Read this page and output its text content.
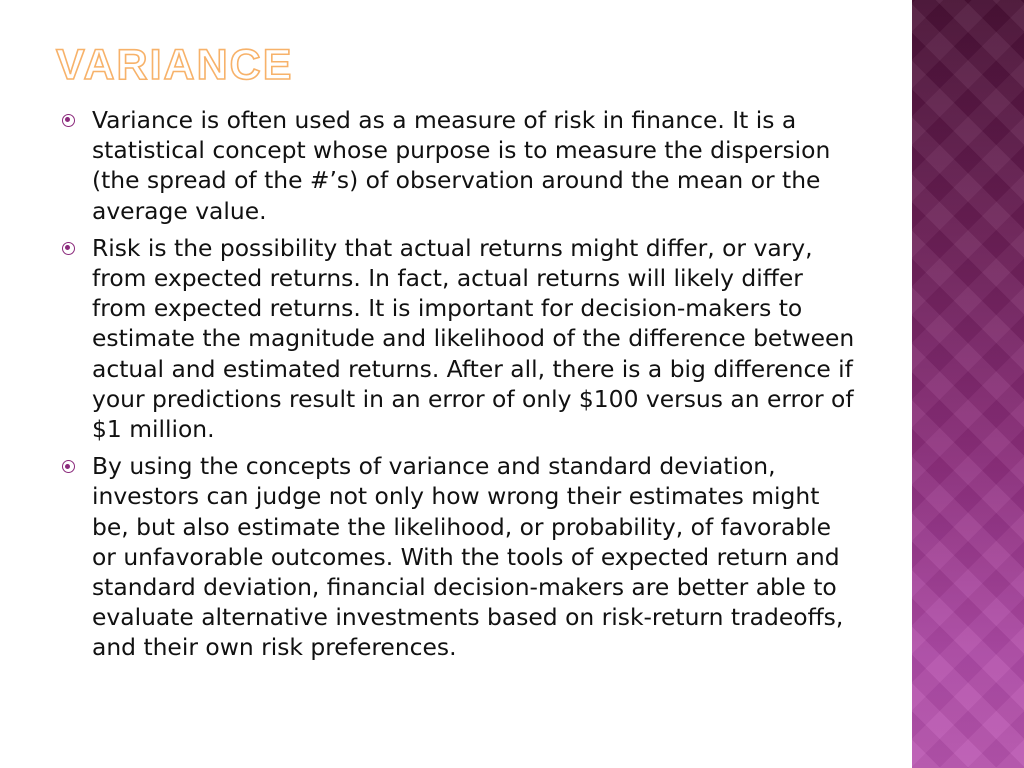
VARIANCE
Variance is often used as a measure of risk in finance. It is a statistical concept whose purpose is to measure the dispersion (the spread of the #’s) of observation around the mean or the average value.
Risk is the possibility that actual returns might differ, or vary, from expected returns. In fact, actual returns will likely differ from expected returns. It is important for decision-makers to estimate the magnitude and likelihood of the difference between actual and estimated returns. After all, there is a big difference if your predictions result in an error of only $100 versus an error of $1 million.
By using the concepts of variance and standard deviation, investors can judge not only how wrong their estimates might be, but also estimate the likelihood, or probability, of favorable or unfavorable outcomes. With the tools of expected return and standard deviation, financial decision-makers are better able to evaluate alternative investments based on risk-return tradeoffs, and their own risk preferences.
